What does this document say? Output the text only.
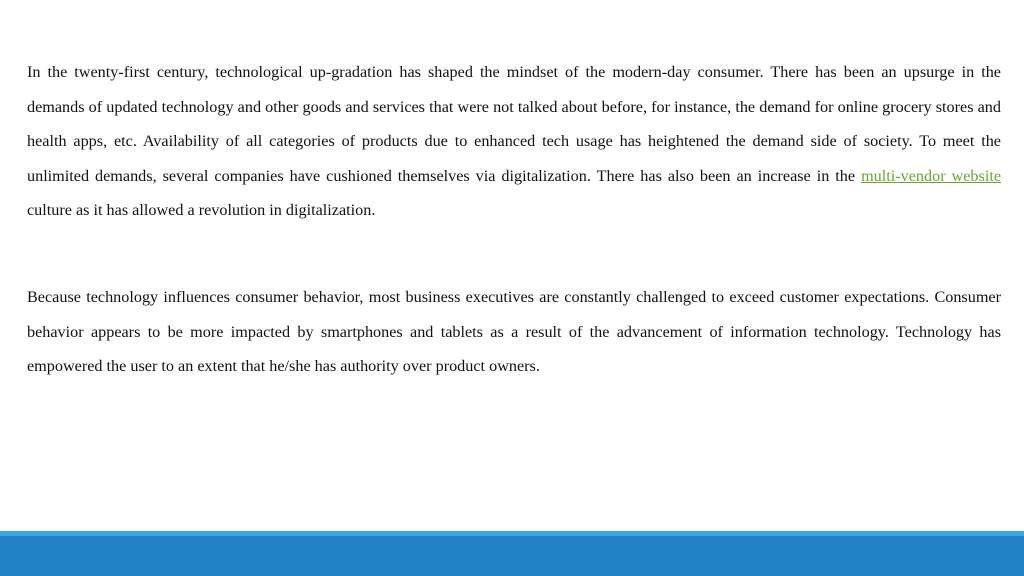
In the twenty-first century, technological up-gradation has shaped the mindset of the modern-day consumer. There has been an upsurge in the demands of updated technology and other goods and services that were not talked about before, for instance, the demand for online grocery stores and health apps, etc. Availability of all categories of products due to enhanced tech usage has heightened the demand side of society. To meet the unlimited demands, several companies have cushioned themselves via digitalization. There has also been an increase in the multi-vendor website culture as it has allowed a revolution in digitalization.

Because technology influences consumer behavior, most business executives are constantly challenged to exceed customer expectations. Consumer behavior appears to be more impacted by smartphones and tablets as a result of the advancement of information technology. Technology has empowered the user to an extent that he/she has authority over product owners.
